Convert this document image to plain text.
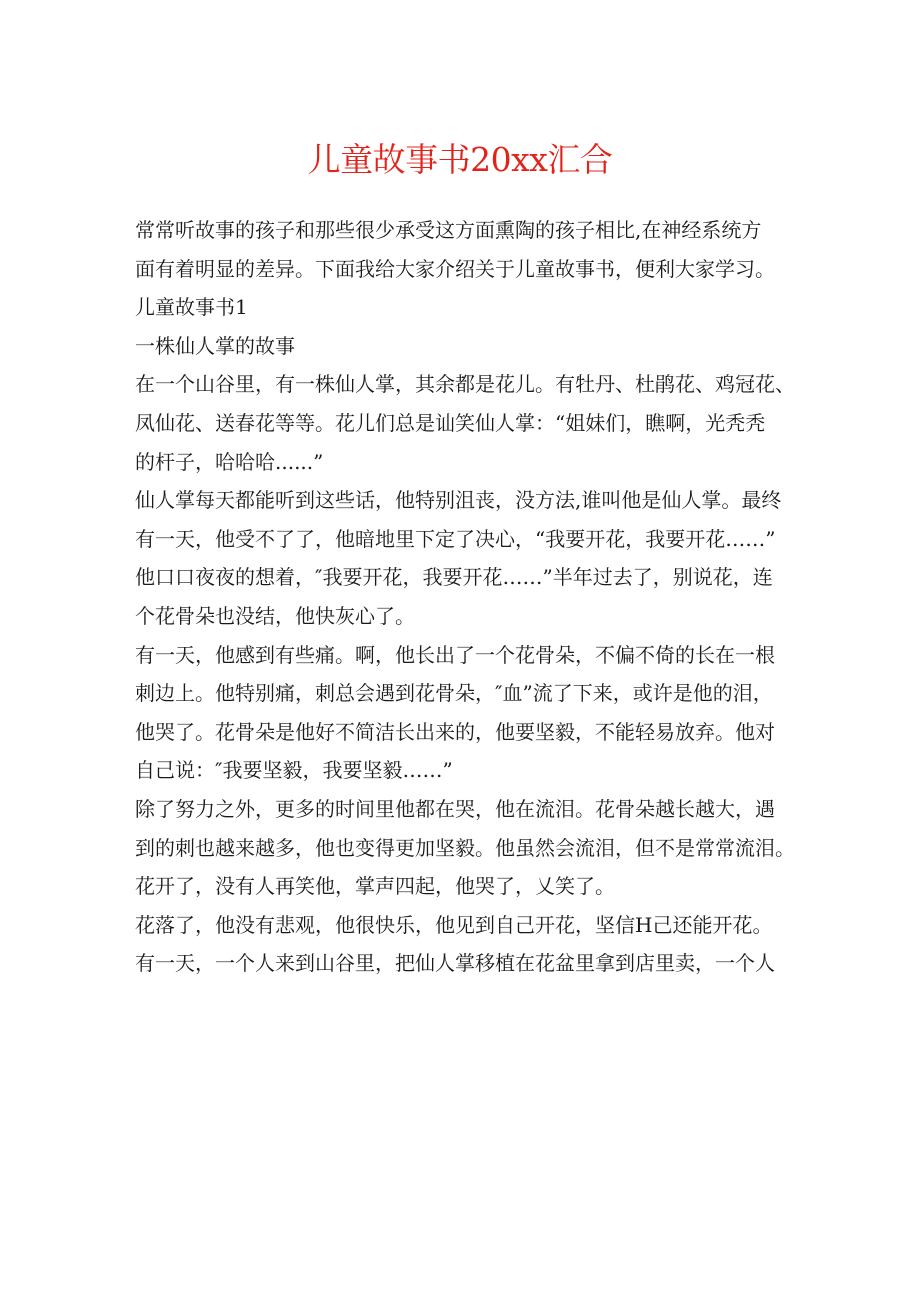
儿童故事书20xx汇合

常常听故事的孩子和那些很少承受这方面熏陶的孩子相比,在神经系统方

面有着明显的差异。下面我给大家介绍关于儿童故事书，便利大家学习。

儿童故事书1

一株仙人掌的故事

在一个山谷里，有一株仙人掌，其余都是花儿。有牡丹、杜鹃花、鸡冠花、

凤仙花、送春花等等。花儿们总是讪笑仙人掌：“姐妹们，瞧啊，光秃秃

的杆子，哈哈哈......”

仙人掌每天都能听到这些话，他特别沮丧，没方法,谁叫他是仙人掌。最终

有一天，他受不了了，他暗地里下定了决心，“我要开花，我要开花……”

他口口夜夜的想着，″我要开花，我要开花……”半年过去了，别说花，连

个花骨朵也没结，他快灰心了。

有一天，他感到有些痛。啊，他长出了一个花骨朵，不偏不倚的长在一根

刺边上。他特别痛，刺总会遇到花骨朵，″血”流了下来，或许是他的泪，

他哭了。花骨朵是他好不简洁长出来的，他要坚毅，不能轻易放弃。他对

自己说：″我要坚毅，我要坚毅……”

除了努力之外，更多的时间里他都在哭，他在流泪。花骨朵越长越大，遇

到的刺也越来越多，他也变得更加坚毅。他虽然会流泪，但不是常常流泪。

花开了，没有人再笑他，掌声四起，他哭了，乂笑了。

花落了，他没有悲观，他很快乐，他见到自己开花，坚信H己还能开花。

有一天，一个人来到山谷里，把仙人掌移植在花盆里拿到店里卖，一个人
